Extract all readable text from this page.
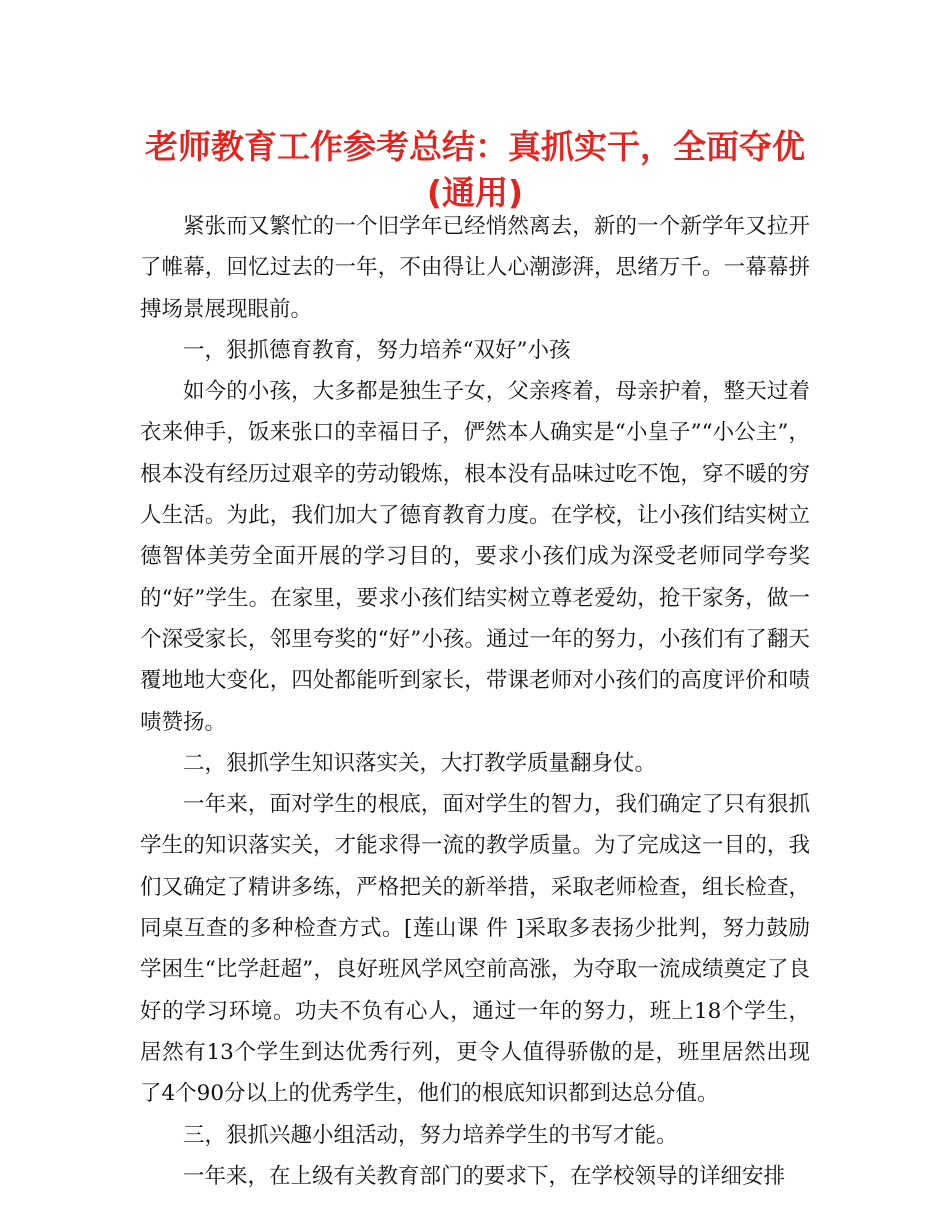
老师教育工作参考总结：真抓实干，全面夺优
(通用)

紧张而又繁忙的一个旧学年已经悄然离去，新的一个新学年又拉开了帷幕，回忆过去的一年，不由得让人心潮澎湃，思绪万千。一幕幕拼搏场景展现眼前。

一，狠抓德育教育，努力培养“双好”小孩

如今的小孩，大多都是独生子女，父亲疼着，母亲护着，整天过着衣来伸手，饭来张口的幸福日子，俨然本人确实是“小皇子”“小公主”，根本没有经历过艰辛的劳动锻炼，根本没有品味过吃不饱，穿不暖的穷人生活。为此，我们加大了德育教育力度。在学校，让小孩们结实树立德智体美劳全面开展的学习目的，要求小孩们成为深受老师同学夸奖的“好”学生。在家里，要求小孩们结实树立尊老爱幼，抢干家务，做一个深受家长，邻里夸奖的“好”小孩。通过一年的努力，小孩们有了翻天覆地地大变化，四处都能听到家长，带课老师对小孩们的高度评价和啧啧赞扬。

二，狠抓学生知识落实关，大打教学质量翻身仗。

一年来，面对学生的根底，面对学生的智力，我们确定了只有狠抓学生的知识落实关，才能求得一流的教学质量。为了完成这一目的，我们又确定了精讲多练，严格把关的新举措，采取老师检查，组长检查，同桌互查的多种检查方式。[莲山课 件 ]采取多表扬少批判，努力鼓励学困生“比学赶超”，良好班风学风空前高涨，为夺取一流成绩奠定了良好的学习环境。功夫不负有心人，通过一年的努力，班上18个学生，居然有13个学生到达优秀行列，更令人值得骄傲的是，班里居然出现了4个90分以上的优秀学生，他们的根底知识都到达总分值。

三，狠抓兴趣小组活动，努力培养学生的书写才能。

一年来，在上级有关教育部门的要求下，在学校领导的详细安排
